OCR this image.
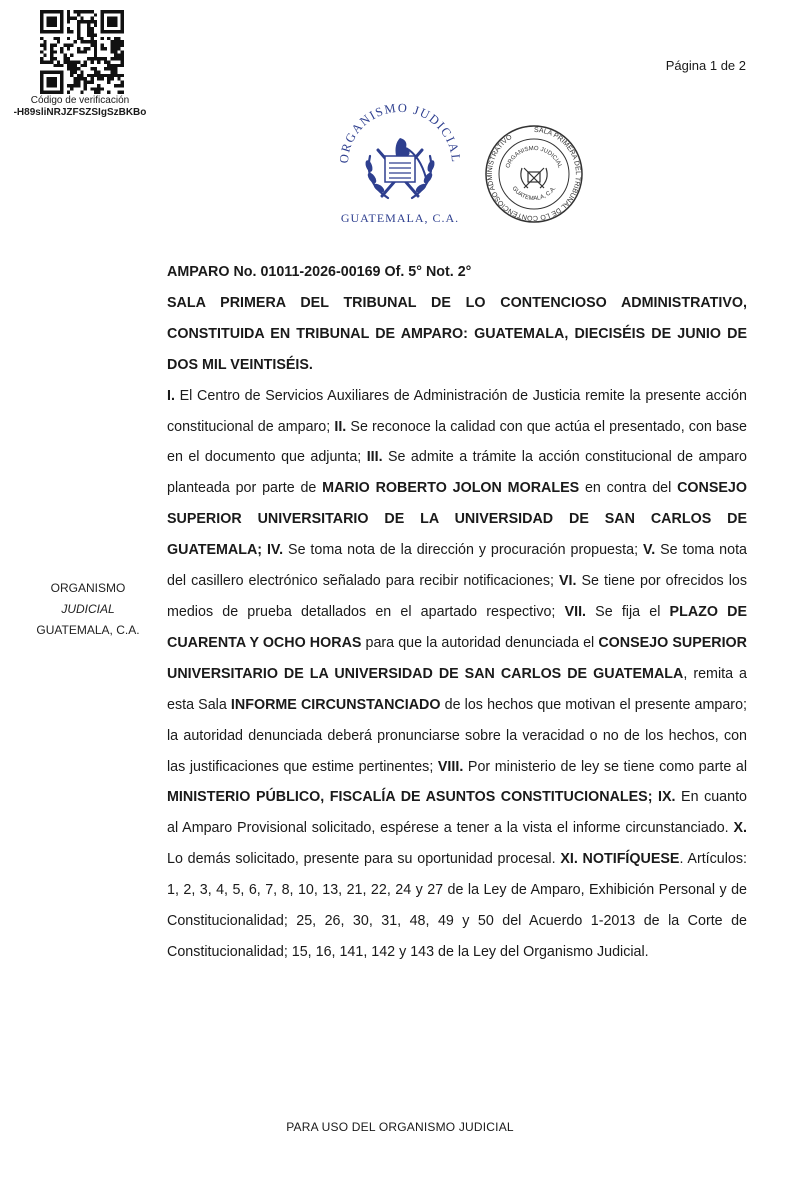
Código de verificación
-H89sliNRJZFSZSIgSzBKBo
Página 1 de 2
ORGANISMO JUDICIAL
GUATEMALA, C.A.
SALA PRIMERA DEL TRIBUNAL DE LO CONTENCIOSO ADMINISTRATIVO
ORGANISMO JUDICIAL
GUATEMALA, C.A.
ORGANISMO
JUDICIAL
GUATEMALA, C.A.

AMPARO No. 01011-2026-00169 Of. 5° Not. 2°

SALA PRIMERA DEL TRIBUNAL DE LO CONTENCIOSO ADMINISTRATIVO, CONSTITUIDA EN TRIBUNAL DE AMPARO: GUATEMALA, DIECISÉIS DE JUNIO DE DOS MIL VEINTISÉIS.

I. El Centro de Servicios Auxiliares de Administración de Justicia remite la presente acción constitucional de amparo; II. Se reconoce la calidad con que actúa el presentado, con base en el documento que adjunta; III. Se admite a trámite la acción constitucional de amparo planteada por parte de MARIO ROBERTO JOLON MORALES en contra del CONSEJO SUPERIOR UNIVERSITARIO DE LA UNIVERSIDAD DE SAN CARLOS DE GUATEMALA; IV. Se toma nota de la dirección y procuración propuesta; V. Se toma nota del casillero electrónico señalado para recibir notificaciones; VI. Se tiene por ofrecidos los medios de prueba detallados en el apartado respectivo; VII. Se fija el PLAZO DE CUARENTA Y OCHO HORAS para que la autoridad denunciada el CONSEJO SUPERIOR UNIVERSITARIO DE LA UNIVERSIDAD DE SAN CARLOS DE GUATEMALA, remita a esta Sala INFORME CIRCUNSTANCIADO de los hechos que motivan el presente amparo; la autoridad denunciada deberá pronunciarse sobre la veracidad o no de los hechos, con las justificaciones que estime pertinentes; VIII. Por ministerio de ley se tiene como parte al MINISTERIO PÚBLICO, FISCALÍA DE ASUNTOS CONSTITUCIONALES; IX. En cuanto al Amparo Provisional solicitado, espérese a tener a la vista el informe circunstanciado. X. Lo demás solicitado, presente para su oportunidad procesal. XI. NOTIFÍQUESE. Artículos: 1, 2, 3, 4, 5, 6, 7, 8, 10, 13, 21, 22, 24 y 27 de la Ley de Amparo, Exhibición Personal y de Constitucionalidad; 25, 26, 30, 31, 48, 49 y 50 del Acuerdo 1-2013 de la Corte de Constitucionalidad; 15, 16, 141, 142 y 143 de la Ley del Organismo Judicial.

PARA USO DEL ORGANISMO JUDICIAL
